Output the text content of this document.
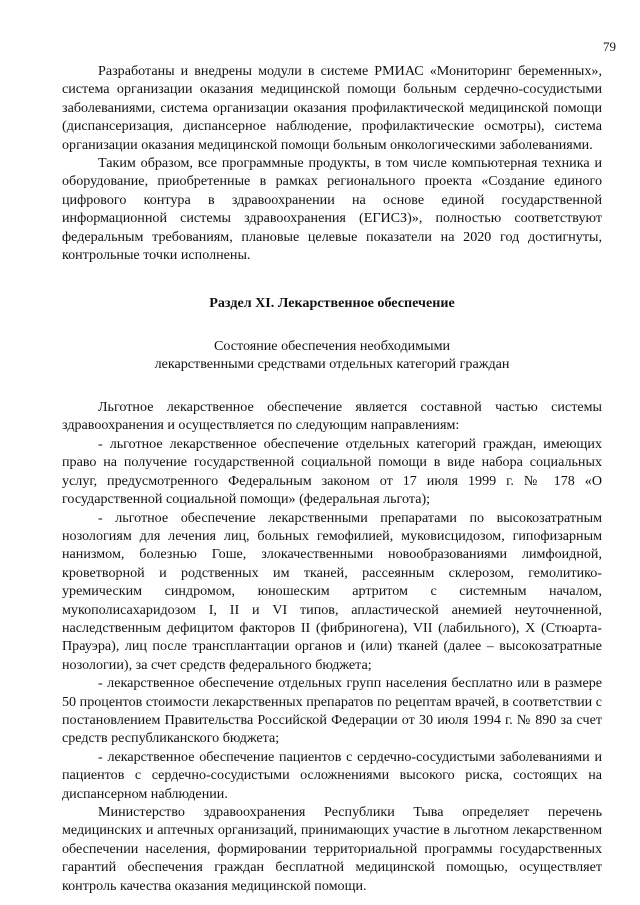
79

Разработаны и внедрены модули в системе РМИАС «Мониторинг беременных», система организации оказания медицинской помощи больным сердечно-сосудистыми заболеваниями, система организации оказания профилактической медицинской помощи (диспансеризация, диспансерное наблюдение, профилактические осмотры), система организации оказания медицинской помощи больным онкологическими заболеваниями.

Таким образом, все программные продукты, в том числе компьютерная техника и оборудование, приобретенные в рамках регионального проекта «Создание единого цифрового контура в здравоохранении на основе единой государственной информационной системы здравоохранения (ЕГИСЗ)», полностью соответствуют федеральным требованиям, плановые целевые показатели на 2020 год достигнуты, контрольные точки исполнены.

Раздел XI. Лекарственное обеспечение
Состояние обеспечения необходимыми
лекарственными средствами отдельных категорий граждан

Льготное лекарственное обеспечение является составной частью системы здравоохранения и осуществляется по следующим направлениям:

- льготное лекарственное обеспечение отдельных категорий граждан, имеющих право на получение государственной социальной помощи в виде набора социальных услуг, предусмотренного Федеральным законом от 17 июля 1999 г. № 178 «О государственной социальной помощи» (федеральная льгота);

- льготное обеспечение лекарственными препаратами по высокозатратным нозологиям для лечения лиц, больных гемофилией, муковисцидозом, гипофизарным нанизмом, болезнью Гоше, злокачественными новообразованиями лимфоидной, кроветворной и родственных им тканей, рассеянным склерозом, гемолитико-уремическим синдромом, юношеским артритом с системным началом, мукополисахаридозом I, II и VI типов, апластической анемией неуточненной, наследственным дефицитом факторов II (фибриногена), VII (лабильного), X (Стюарта-Прауэра), лиц после трансплантации органов и (или) тканей (далее – высокозатратные нозологии), за счет средств федерального бюджета;

- лекарственное обеспечение отдельных групп населения бесплатно или в размере 50 процентов стоимости лекарственных препаратов по рецептам врачей, в соответствии с постановлением Правительства Российской Федерации от 30 июля 1994 г. № 890 за счет средств республиканского бюджета;

- лекарственное обеспечение пациентов с сердечно-сосудистыми заболеваниями и пациентов с сердечно-сосудистыми осложнениями высокого риска, состоящих на диспансерном наблюдении.

Министерство здравоохранения Республики Тыва определяет перечень медицинских и аптечных организаций, принимающих участие в льготном лекарственном обеспечении населения, формировании территориальной программы государственных гарантий обеспечения граждан бесплатной медицинской помощью, осуществляет контроль качества оказания медицинской помощи.
